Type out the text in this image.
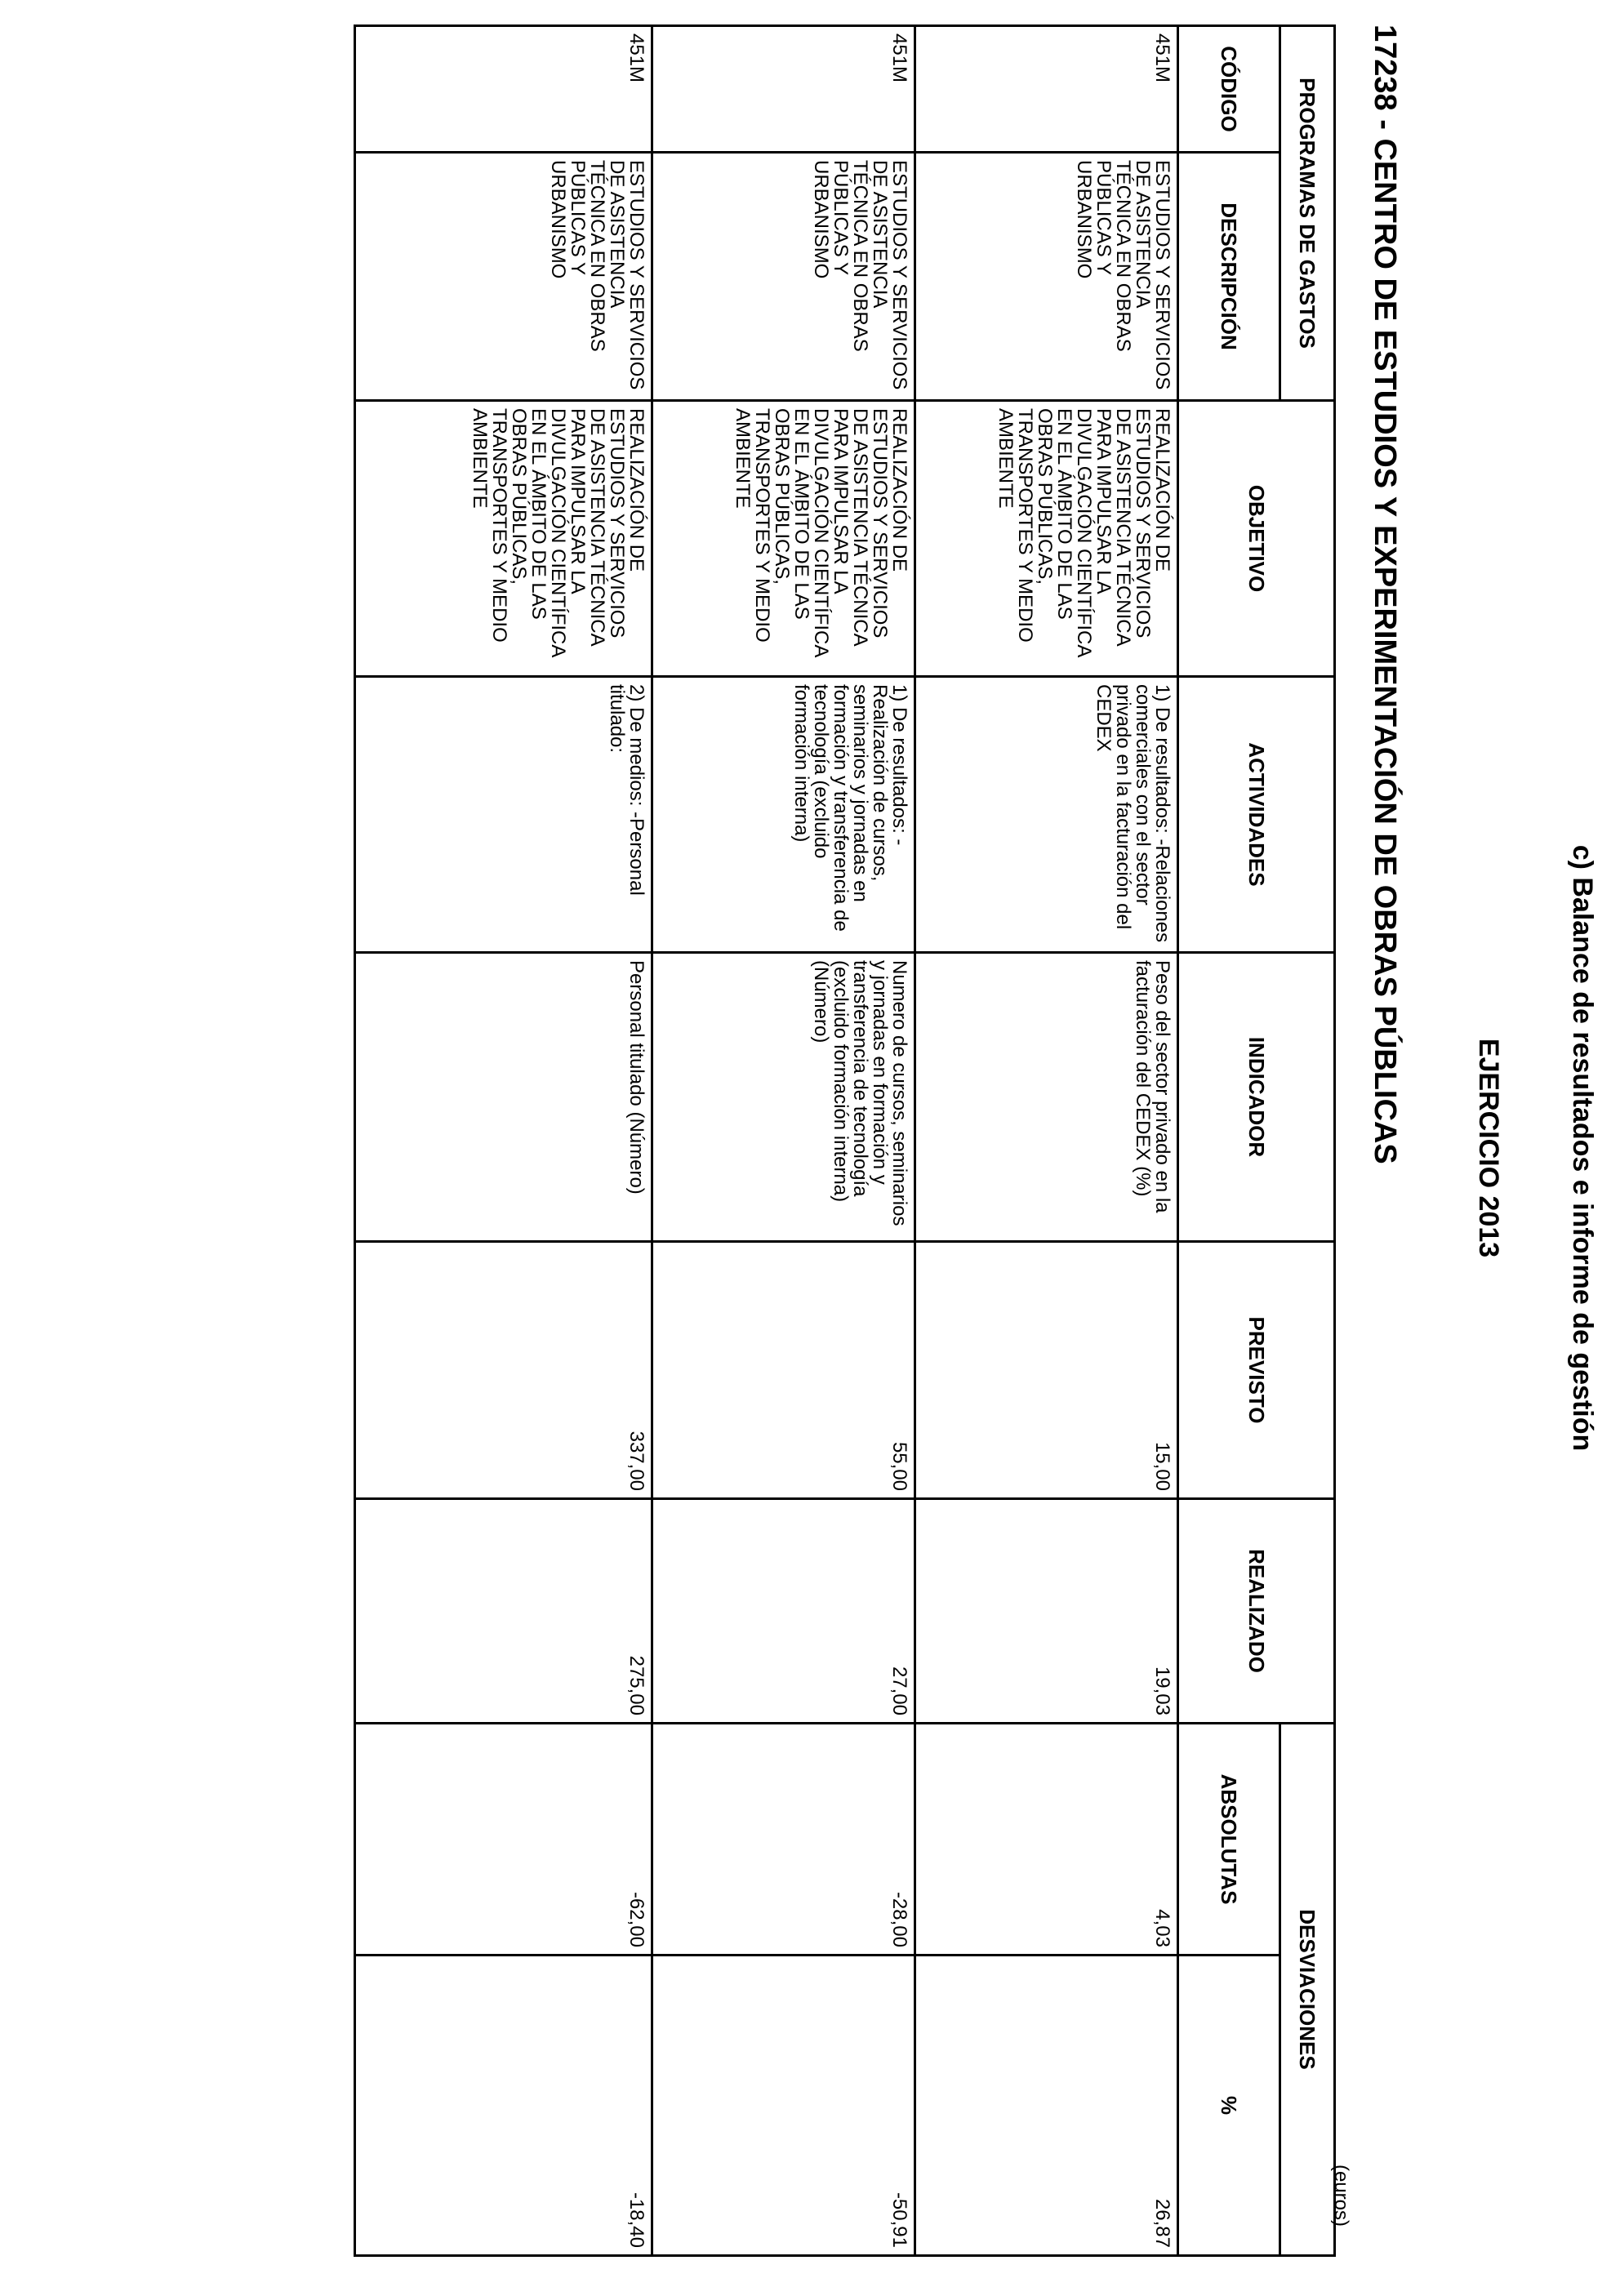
c) Balance de resultados e informe de gestión
EJERCICIO 2013
17238 - CENTRO DE ESTUDIOS Y EXPERIMENTACIÓN DE OBRAS PÚBLICAS
(euros)
PROGRAMAS DE GASTOS		OBJETIVO	ACTIVIDADES	INDICADOR	PREVISTO	REALIZADO	DESVIACIONES	
CÓDIGO	DESCRIPCIÓN						ABSOLUTAS	%
451M	ESTUDIOS Y SERVICIOS DE ASISTENCIA TÉCNICA EN OBRAS PÚBLICAS Y URBANISMO	REALIZACIÓN DE ESTUDIOS Y SERVICIOS DE ASISTENCIA TÉCNICA PARA IMPULSAR LA DIVULGACIÓN CIENTÍFICA EN EL ÁMBITO DE LAS OBRAS PÚBLICAS, TRANSPORTES Y MEDIO AMBIENTE	1) De resultados: -Relaciones comerciales con el sector privado en la facturación del CEDEX	Peso del sector privado en la facturación del CEDEX (%)	15,00	19,03	4,03	26,87
451M	ESTUDIOS Y SERVICIOS DE ASISTENCIA TÉCNICA EN OBRAS PÚBLICAS Y URBANISMO	REALIZACIÓN DE ESTUDIOS Y SERVICIOS DE ASISTENCIA TÉCNICA PARA IMPULSAR LA DIVULGACIÓN CIENTÍFICA EN EL ÁMBITO DE LAS OBRAS PÚBLICAS, TRANSPORTES Y MEDIO AMBIENTE	1) De resultados: -Realización de cursos, seminarios y jornadas en formación y transferencia de tecnología (excluido formación interna)	Numero de cursos, seminarios y jornadas en formación y transferencia de tecnología (excluido formación interna) (Número)	55,00	27,00	-28,00	-50,91
451M	ESTUDIOS Y SERVICIOS DE ASISTENCIA TÉCNICA EN OBRAS PÚBLICAS Y URBANISMO	REALIZACIÓN DE ESTUDIOS Y SERVICIOS DE ASISTENCIA TÉCNICA PARA IMPULSAR LA DIVULGACIÓN CIENTÍFICA EN EL ÁMBITO DE LAS OBRAS PÚBLICAS, TRANSPORTES Y MEDIO AMBIENTE	2) De medios: -Personal titulado:	Personal titulado (Número)	337,00	275,00	-62,00	-18,40
